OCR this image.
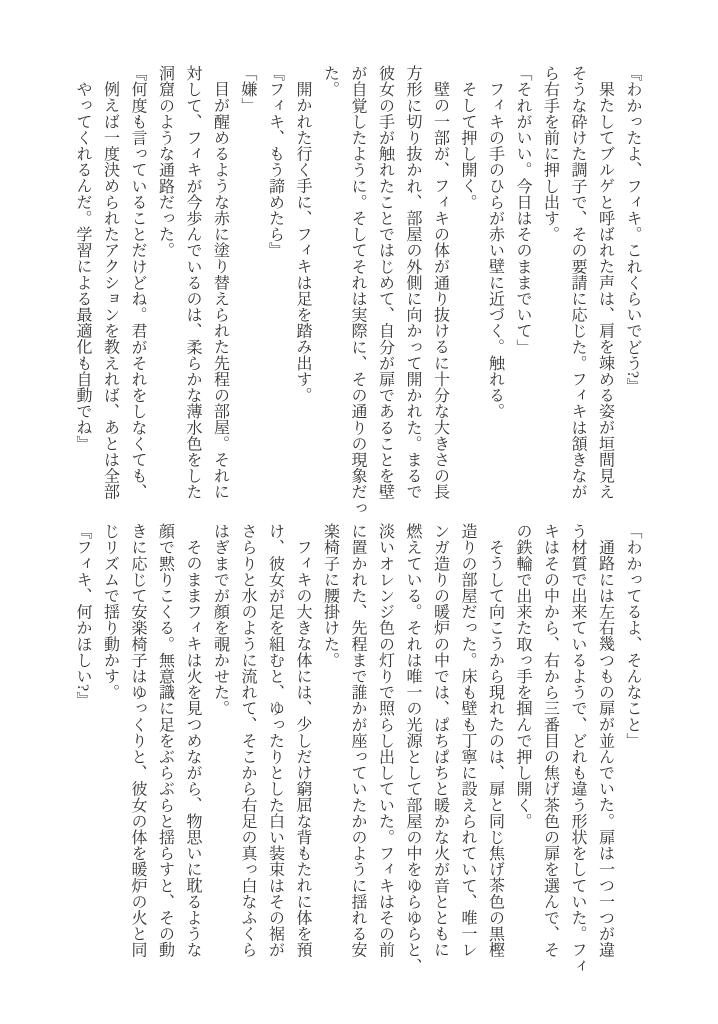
『わかったよ、フィキ。これくらいでどう?』

果たしてブルゲと呼ばれた声は、肩を竦める姿が垣間見え

そうな砕けた調子で、その要請に応じた。フィキは頷きなが

ら右手を前に押し出す。

「それがいい。今日はそのままでいて」

フィキの手のひらが赤い壁に近づく。触れる。

そして押し開く。

壁の一部が、フィキの体が通り抜けるに十分な大きさの長

方形に切り抜かれ、部屋の外側に向かって開かれた。まるで

彼女の手が触れたことではじめて、自分が扉であることを壁

が自覚したように。そしてそれは実際に、その通りの現象だっ

た。

開かれた行く手に、フィキは足を踏み出す。

『フィキ、もう諦めたら』

「嫌」

目が醒めるような赤に塗り替えられた先程の部屋。それに

対して、フィキが今歩んでいるのは、柔らかな薄水色をした

洞窟のような通路だった。

『何度も言っていることだけどね。君がそれをしなくても、

例えば一度決められたアクションを教えれば、あとは全部

やってくれるんだ。学習による最適化も自動でね』

「わかってるよ、そんなこと」

通路には左右幾つもの扉が並んでいた。扉は一つ一つが違

う材質で出来ているようで、どれも違う形状をしていた。フィ

キはその中から、右から三番目の焦げ茶色の扉を選んで、そ

の鉄輪で出来た取っ手を掴んで押し開く。

そうして向こうから現れたのは、扉と同じ焦げ茶色の黒樫

造りの部屋だった。床も壁も丁寧に設えられていて、唯一レ

ンガ造りの暖炉の中では、ぱちぱちと暖かな火が音とともに

燃えている。それは唯一の光源として部屋の中をゆらゆらと、

淡いオレンジ色の灯りで照らし出していた。フィキはその前

に置かれた、先程まで誰かが座っていたかのように揺れる安

楽椅子に腰掛けた。

フィキの大きな体には、少しだけ窮屈な背もたれに体を預

け、彼女が足を組むと、ゆったりとした白い装束はその裾が

さらりと水のように流れて、そこから右足の真っ白なふくら

はぎまでが顔を覗かせた。

そのままフィキは火を見つめながら、物思いに耽るような

顔で黙りこくる。無意識に足をぶらぶらと揺らすと、その動

きに応じて安楽椅子はゆっくりと、彼女の体を暖炉の火と同

じリズムで揺り動かす。

『フィキ、何かほしい?』
